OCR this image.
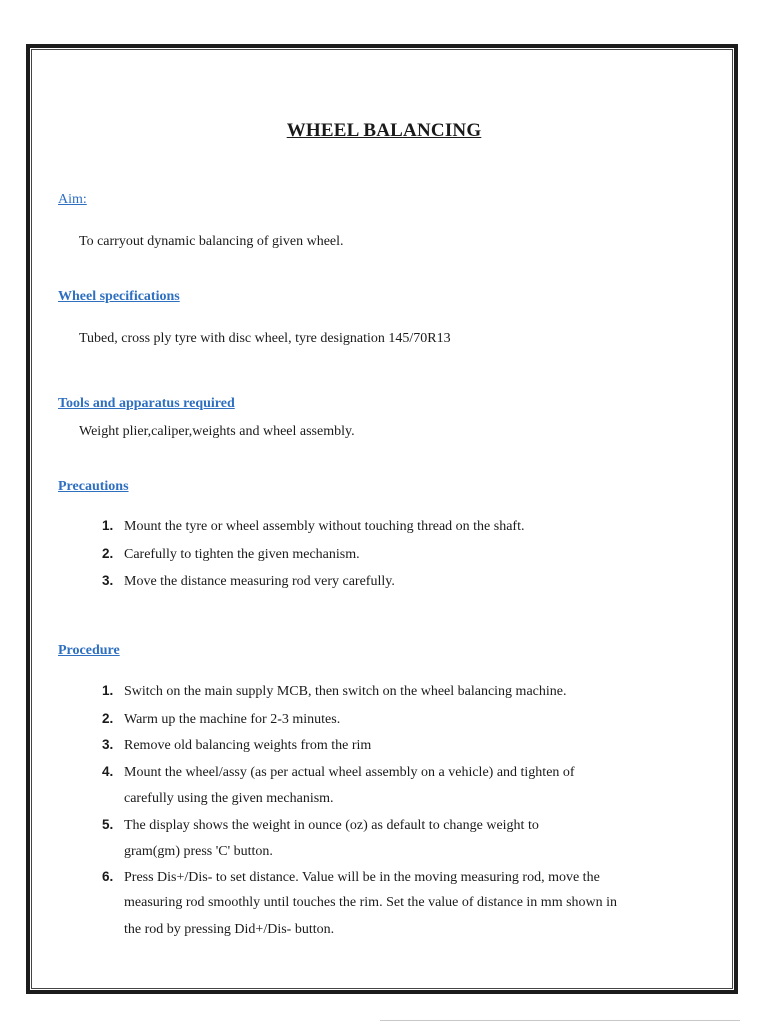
WHEEL BALANCING
Aim:
To carryout dynamic balancing of given wheel.
Wheel specifications
Tubed, cross ply tyre with disc wheel, tyre designation 145/70R13
Tools and apparatus required
Weight plier,caliper,weights and wheel assembly.
Precautions
1. Mount the tyre or wheel assembly without touching thread on the shaft.
2. Carefully to tighten the given mechanism.
3. Move the distance measuring rod very carefully.
Procedure
1. Switch on the main supply MCB, then switch on the wheel balancing machine.
2. Warm up the machine for 2-3 minutes.
3. Remove old balancing weights from the rim
4. Mount the wheel/assy (as per actual wheel assembly on a vehicle) and tighten of
carefully using the given mechanism.
5. The display shows the weight in ounce (oz) as default to change weight to
gram(gm) press 'C' button.
6. Press Dis+/Dis- to set distance. Value will be in the moving measuring rod, move the
measuring rod smoothly until touches the rim. Set the value of distance in mm shown in
the rod by pressing Did+/Dis- button.
